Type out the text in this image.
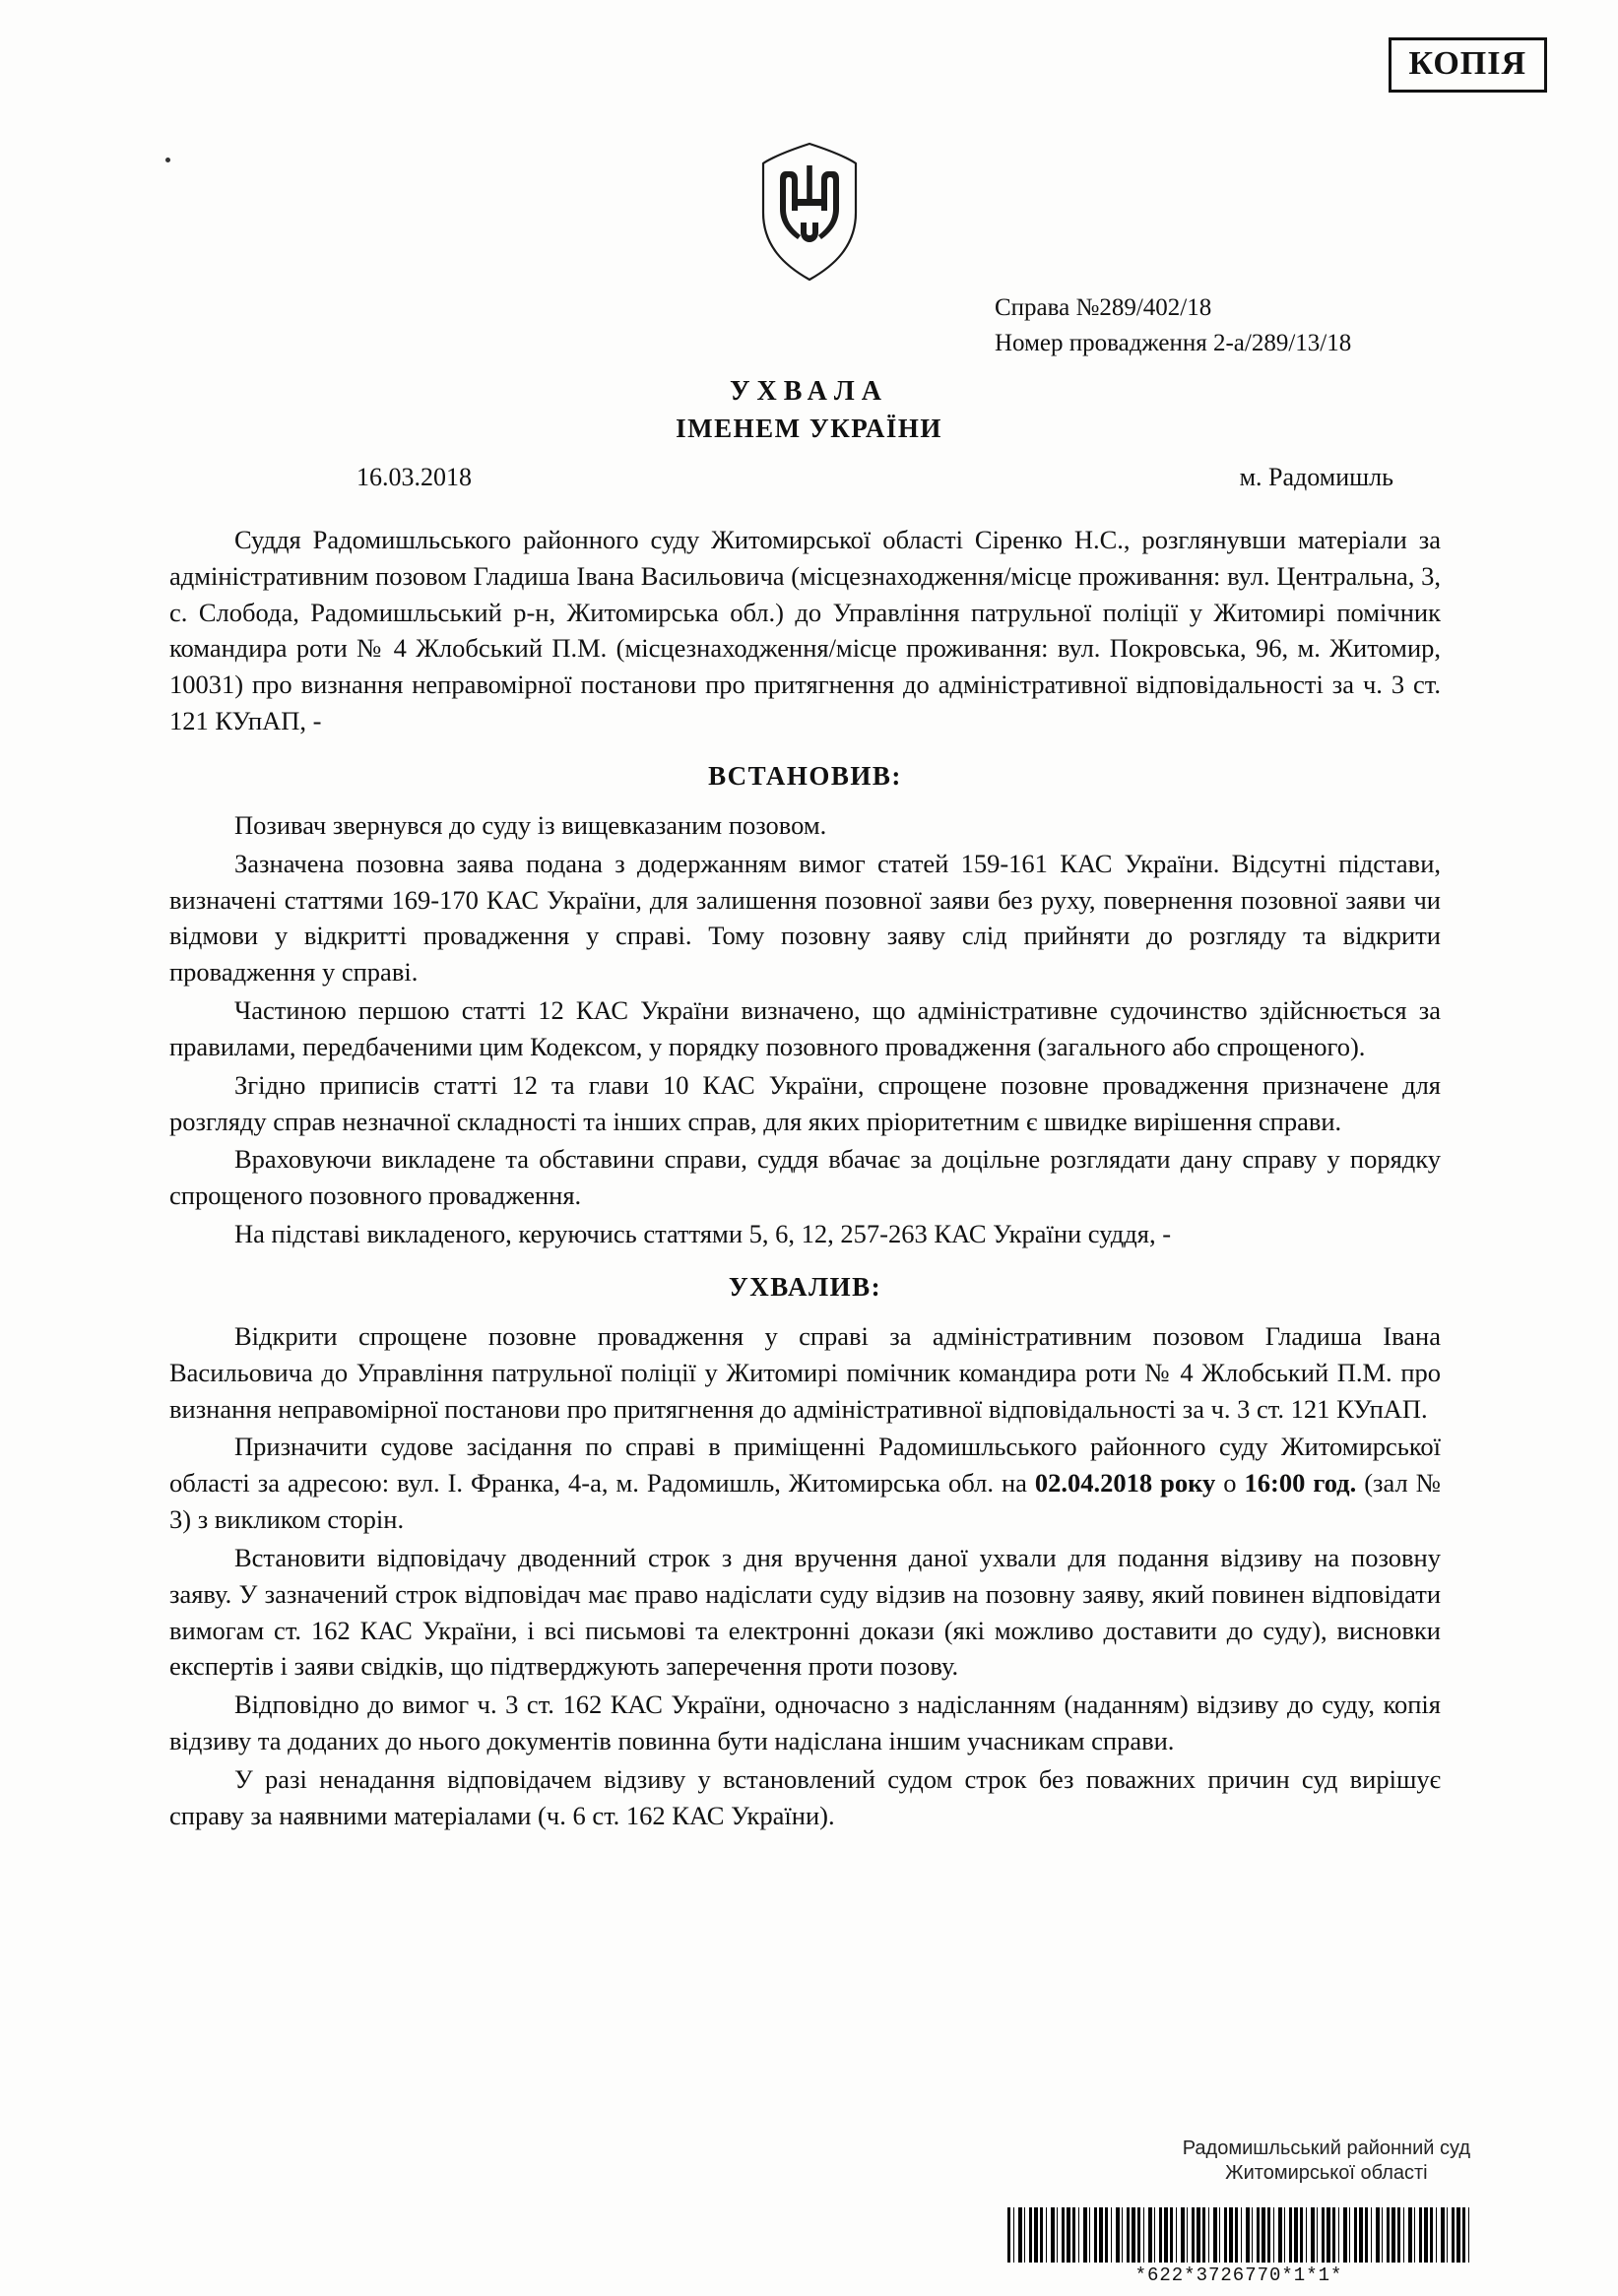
КОПІЯ
Справа №289/402/18
Номер провадження 2-а/289/13/18
УХВАЛА
ІМЕНЕМ УКРАЇНИ
16.03.2018	м. Радомишль

Суддя Радомишльського районного суду Житомирської області Сіренко Н.С., розглянувши матеріали за адміністративним позовом Гладиша Івана Васильовича (місцезнаходження/місце проживання: вул. Центральна, 3, с. Слобода, Радомишльський р-н, Житомирська обл.) до Управління патрульної поліції у Житомирі помічник командира роти № 4 Жлобський П.М. (місцезнаходження/місце проживання: вул. Покровська, 96, м. Житомир, 10031) про визнання неправомірної постанови про притягнення до адміністративної відповідальності за ч. 3 ст. 121 КУпАП, -

ВСТАНОВИВ:

Позивач звернувся до суду із вищевказаним позовом.

Зазначена позовна заява подана з додержанням вимог статей 159-161 КАС України. Відсутні підстави, визначені статтями 169-170 КАС України, для залишення позовної заяви без руху, повернення позовної заяви чи відмови у відкритті провадження у справі. Тому позовну заяву слід прийняти до розгляду та відкрити провадження у справі.

Частиною першою статті 12 КАС України визначено, що адміністративне судочинство здійснюється за правилами, передбаченими цим Кодексом, у порядку позовного провадження (загального або спрощеного).

Згідно приписів статті 12 та глави 10 КАС України, спрощене позовне провадження призначене для розгляду справ незначної складності та інших справ, для яких пріоритетним є швидке вирішення справи.

Враховуючи викладене та обставини справи, суддя вбачає за доцільне розглядати дану справу у порядку спрощеного позовного провадження.

На підставі викладеного, керуючись статтями 5, 6, 12, 257-263 КАС України суддя, -

УХВАЛИВ:

Відкрити спрощене позовне провадження у справі за адміністративним позовом Гладиша Івана Васильовича до Управління патрульної поліції у Житомирі помічник командира роти № 4 Жлобський П.М. про визнання неправомірної постанови про притягнення до адміністративної відповідальності за ч. 3 ст. 121 КУпАП.

Призначити судове засідання по справі в приміщенні Радомишльського районного суду Житомирської області за адресою: вул. І. Франка, 4-а, м. Радомишль, Житомирська обл. на 02.04.2018 року о 16:00 год. (зал № 3) з викликом сторін.

Встановити відповідачу дводенний строк з дня вручення даної ухвали для подання відзиву на позовну заяву. У зазначений строк відповідач має право надіслати суду відзив на позовну заяву, який повинен відповідати вимогам ст. 162 КАС України, і всі письмові та електронні докази (які можливо доставити до суду), висновки експертів і заяви свідків, що підтверджують заперечення проти позову.

Відповідно до вимог ч. 3 ст. 162 КАС України, одночасно з надісланням (наданням) відзиву до суду, копія відзиву та доданих до нього документів повинна бути надіслана іншим учасникам справи.

У разі ненадання відповідачем відзиву у встановлений судом строк без поважних причин суд вирішує справу за наявними матеріалами (ч. 6 ст. 162 КАС України).

Радомишльський районний суд
Житомирської області
*622*3726770*1*1*
